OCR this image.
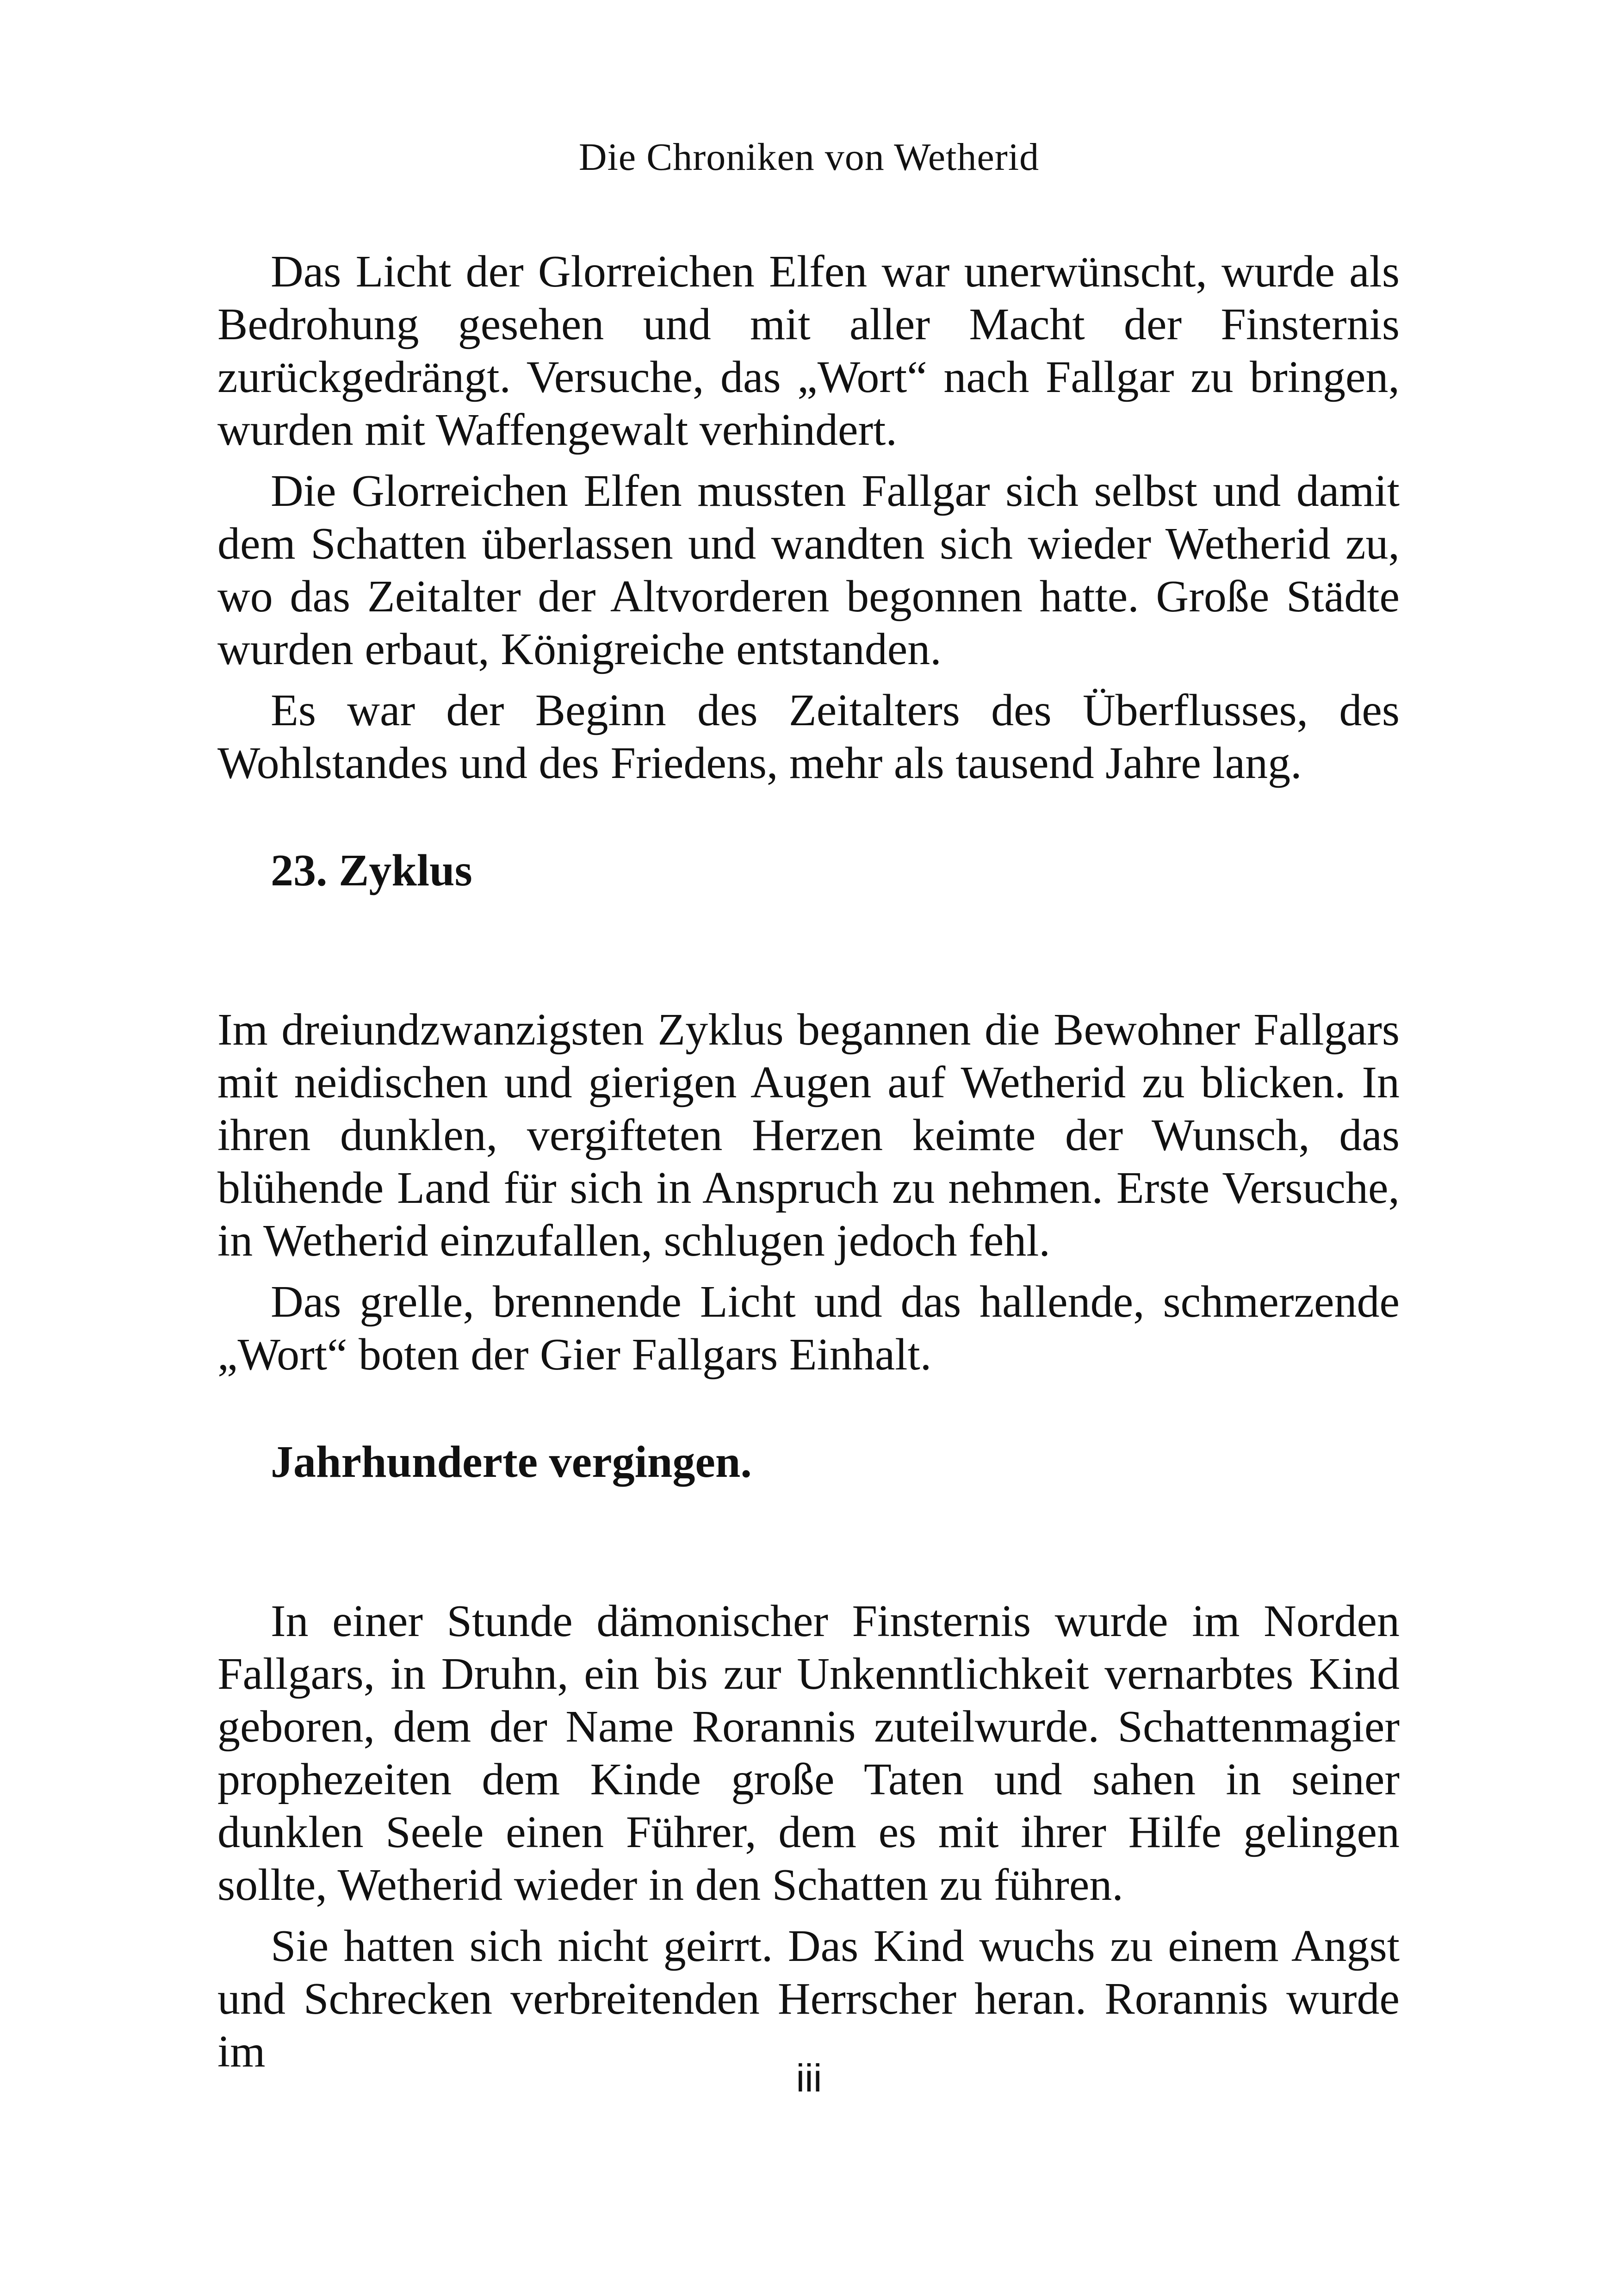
Die Chroniken von Wetherid

Das Licht der Glorreichen Elfen war unerwünscht, wurde als Bedrohung gesehen und mit aller Macht der Finsternis zurückgedrängt. Versuche, das „Wort“ nach Fallgar zu bringen, wurden mit Waffengewalt verhindert.

Die Glorreichen Elfen mussten Fallgar sich selbst und damit dem Schatten überlassen und wandten sich wieder Wetherid zu, wo das Zeitalter der Altvorderen begonnen hatte. Große Städte wurden erbaut, Königreiche entstanden.

Es war der Beginn des Zeitalters des Überflusses, des Wohlstandes und des Friedens, mehr als tausend Jahre lang.

23. Zyklus

Im dreiundzwanzigsten Zyklus begannen die Bewohner Fallgars mit neidischen und gierigen Augen auf Wetherid zu blicken. In ihren dunklen, vergifteten Herzen keimte der Wunsch, das blühende Land für sich in Anspruch zu nehmen. Erste Versuche, in Wetherid einzufallen, schlugen jedoch fehl.

Das grelle, brennende Licht und das hallende, schmerzende „Wort“ boten der Gier Fallgars Einhalt.

Jahrhunderte vergingen.

In einer Stunde dämonischer Finsternis wurde im Norden Fallgars, in Druhn, ein bis zur Unkenntlichkeit vernarbtes Kind geboren, dem der Name Rorannis zuteilwurde. Schattenmagier prophezeiten dem Kinde große Taten und sahen in seiner dunklen Seele einen Führer, dem es mit ihrer Hilfe gelingen sollte, Wetherid wieder in den Schatten zu führen.

Sie hatten sich nicht geirrt. Das Kind wuchs zu einem Angst und Schrecken verbreitenden Herrscher heran. Rorannis wurde im

iii
